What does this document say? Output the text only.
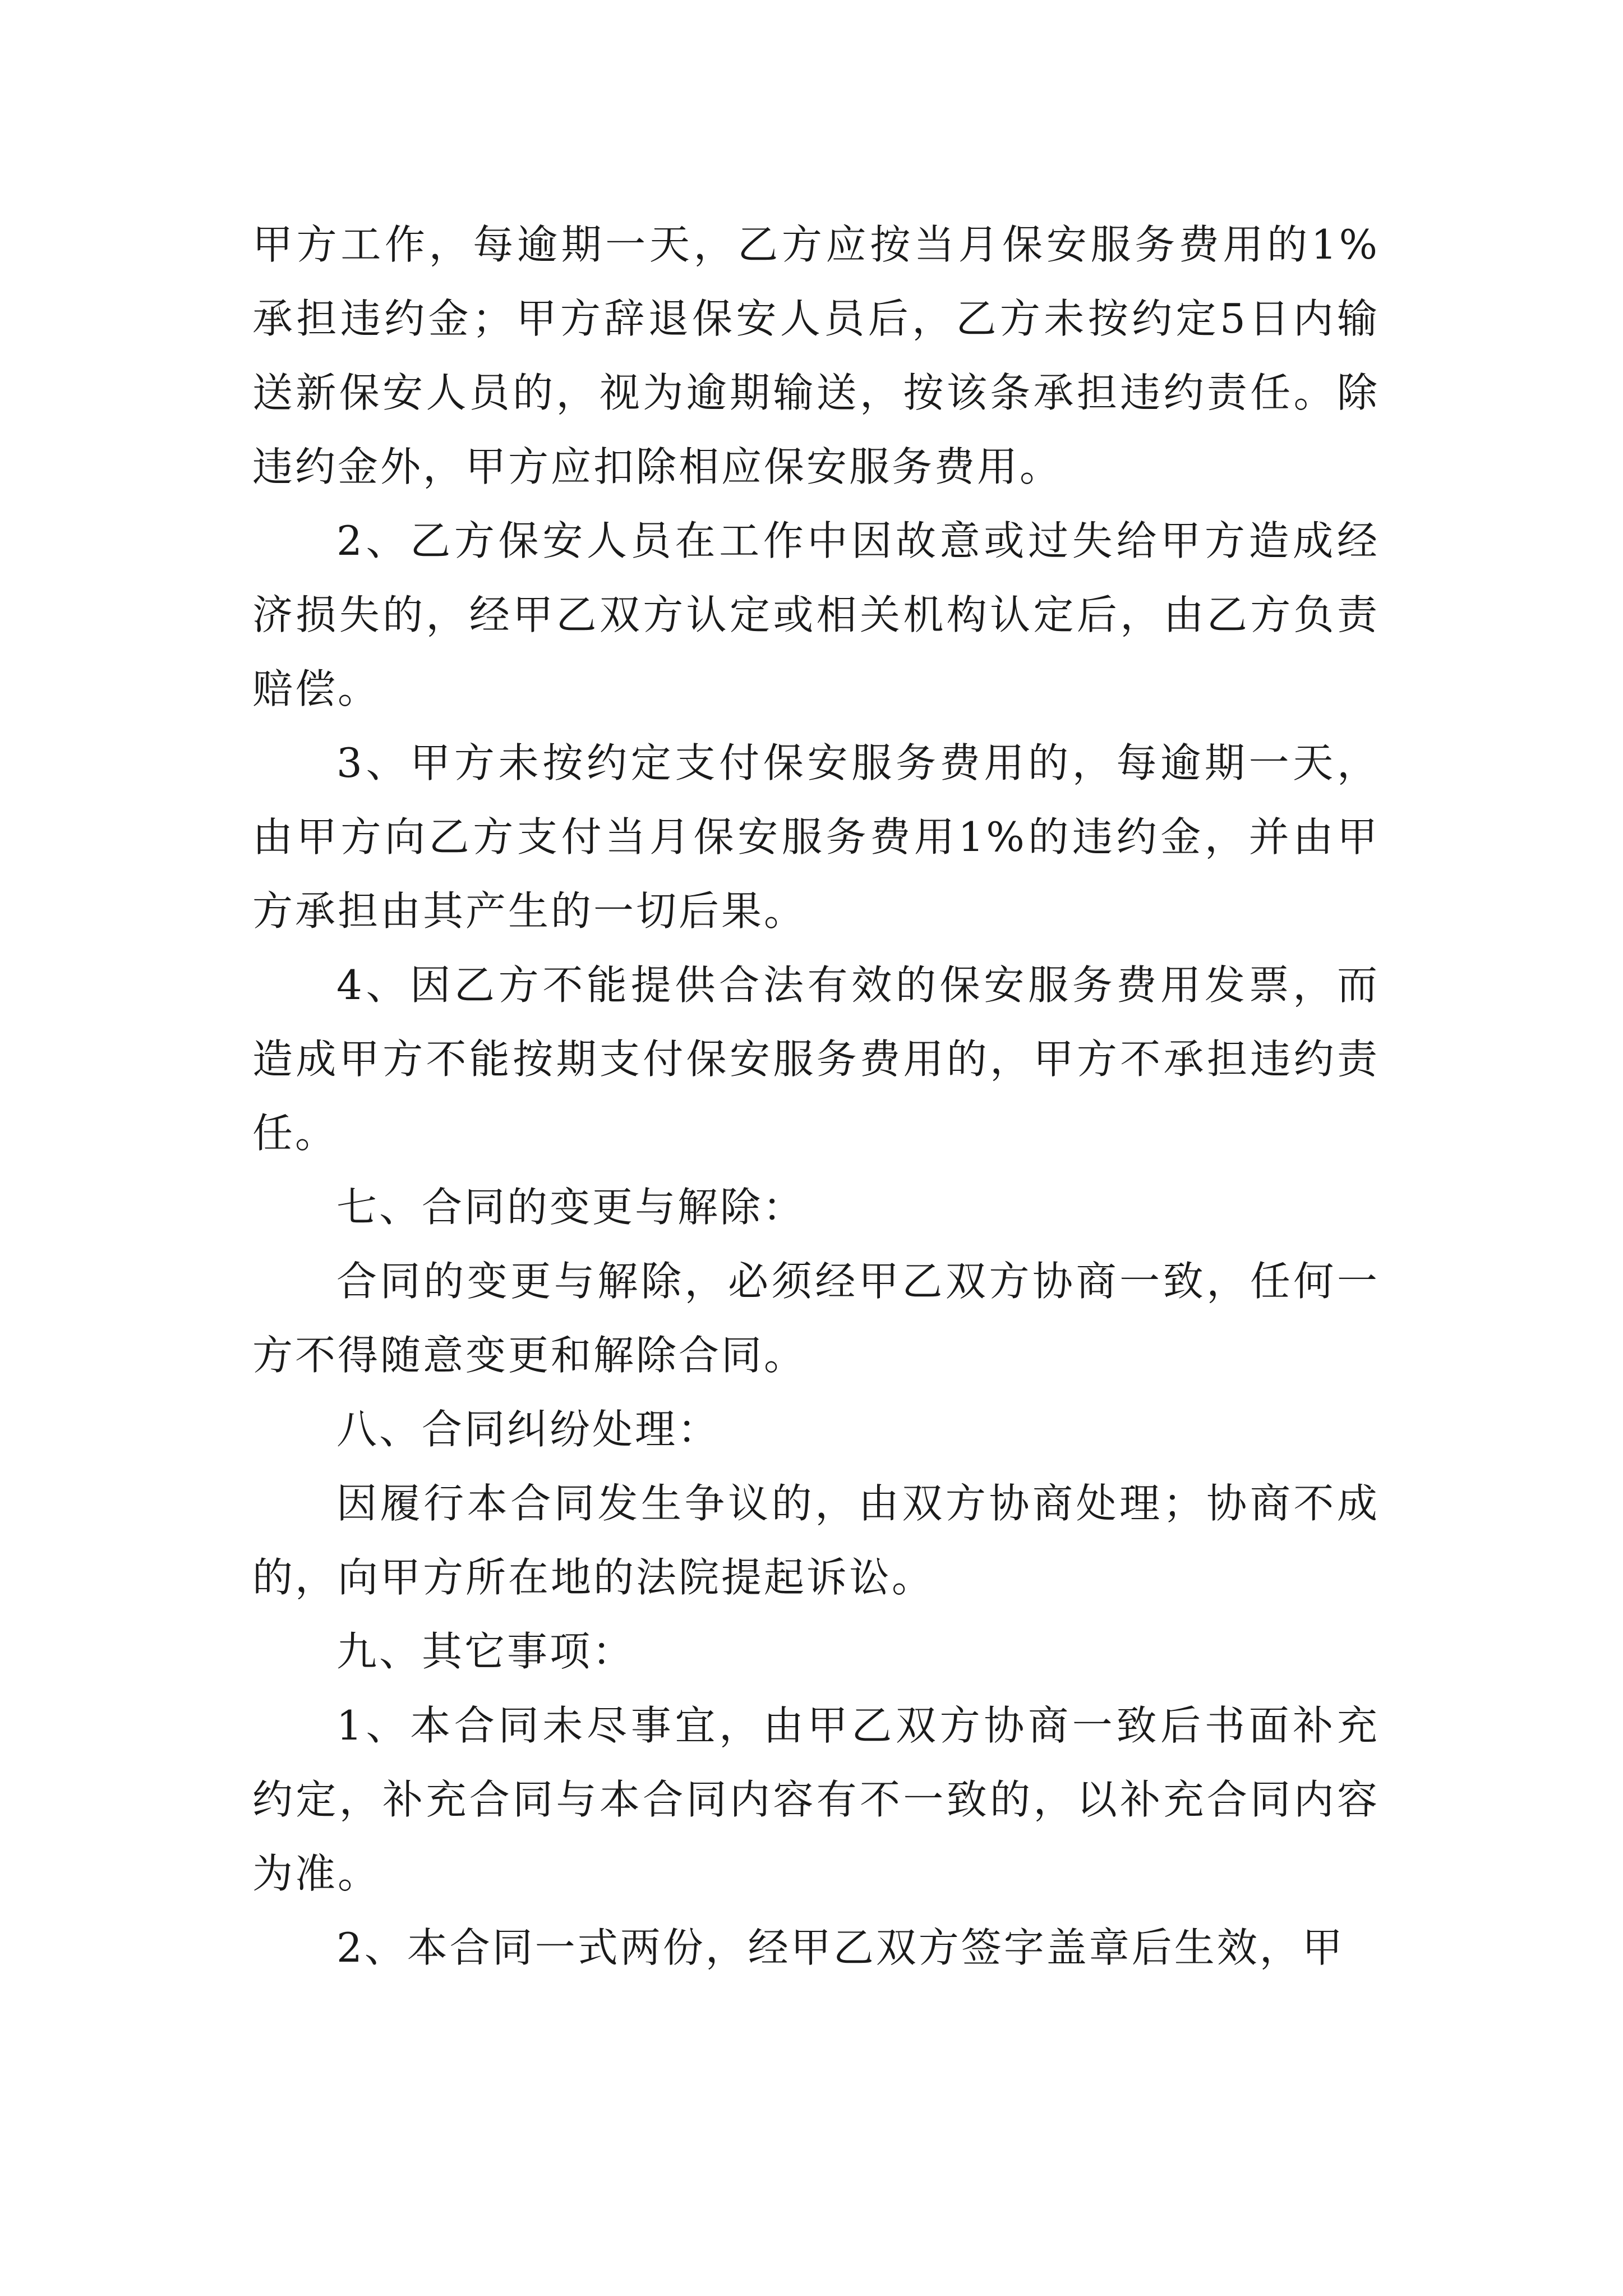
甲方工作，每逾期一天，乙方应按当月保安服务费用的1%承担违约金；甲方辞退保安人员后，乙方未按约定5日内输送新保安人员的，视为逾期输送，按该条承担违约责任。除违约金外，甲方应扣除相应保安服务费用。

2、乙方保安人员在工作中因故意或过失给甲方造成经济损失的，经甲乙双方认定或相关机构认定后，由乙方负责赔偿。

3、甲方未按约定支付保安服务费用的，每逾期一天，由甲方向乙方支付当月保安服务费用1%的违约金，并由甲方承担由其产生的一切后果。

4、因乙方不能提供合法有效的保安服务费用发票，而造成甲方不能按期支付保安服务费用的，甲方不承担违约责任。

七、合同的变更与解除：

合同的变更与解除，必须经甲乙双方协商一致，任何一方不得随意变更和解除合同。

八、合同纠纷处理：

因履行本合同发生争议的，由双方协商处理；协商不成的，向甲方所在地的法院提起诉讼。

九、其它事项：

1、本合同未尽事宜，由甲乙双方协商一致后书面补充约定，补充合同与本合同内容有不一致的，以补充合同内容为准。

2、本合同一式两份，经甲乙双方签字盖章后生效，甲
